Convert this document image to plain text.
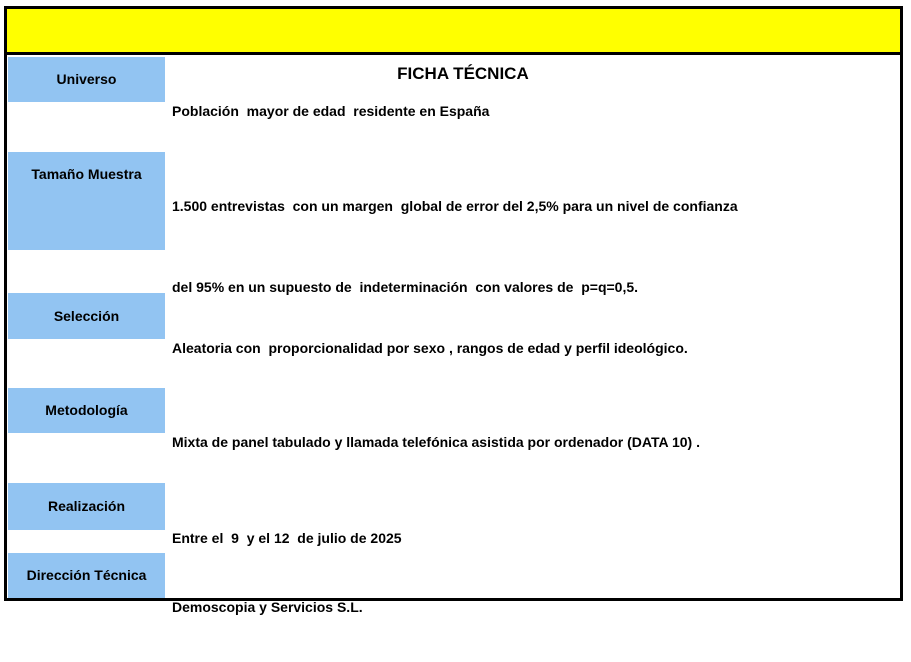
FICHA TÉCNICA

Universo

Población  mayor de edad  residente en España

Tamaño Muestra

1.500 entrevistas  con un margen  global de error del 2,5% para un nivel de confianza

del 95% en un supuesto de  indeterminación  con valores de  p=q=0,5.

Selección

Aleatoria con  proporcionalidad por sexo , rangos de edad y perfil ideológico.

Metodología

Mixta de panel tabulado y llamada telefónica asistida por ordenador (DATA 10) .

Realización

Entre el  9  y el 12  de julio de 2025

Dirección Técnica

Demoscopia y Servicios S.L.
